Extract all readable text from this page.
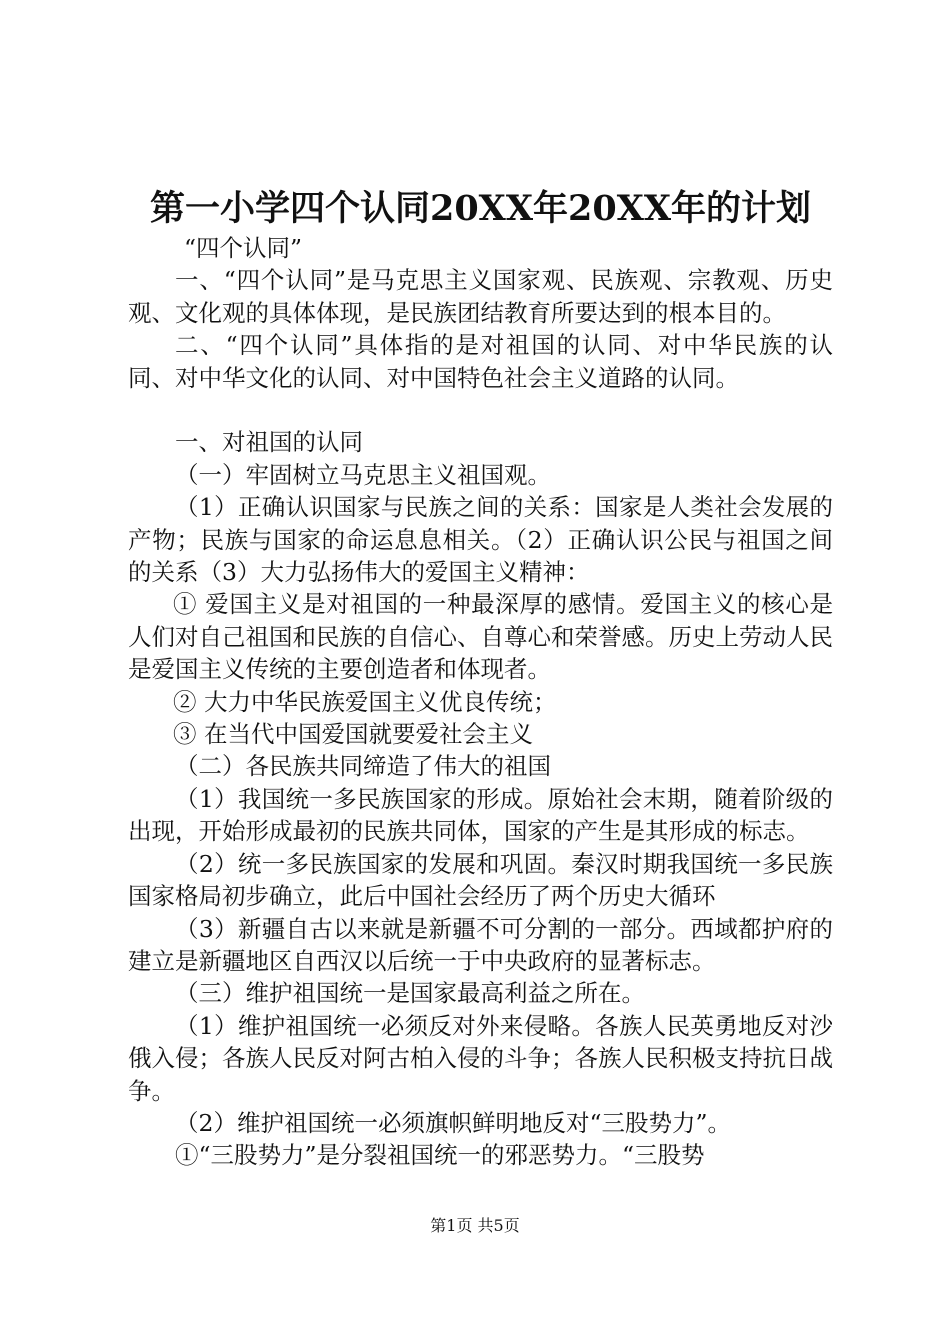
第一小学四个认同20XX年20XX年的计划

“四个认同”

一、“四个认同”是马克思主义国家观、民族观、宗教观、历史观、文化观的具体体现，是民族团结教育所要达到的根本目的。

二、“四个认同”具体指的是对祖国的认同、对中华民族的认同、对中华文化的认同、对中国特色社会主义道路的认同。

一、对祖国的认同

（一）牢固树立马克思主义祖国观。

（1）正确认识国家与民族之间的关系：国家是人类社会发展的产物；民族与国家的命运息息相关。（2）正确认识公民与祖国之间的关系（3）大力弘扬伟大的爱国主义精神：

① 爱国主义是对祖国的一种最深厚的感情。爱国主义的核心是人们对自己祖国和民族的自信心、自尊心和荣誉感。历史上劳动人民是爱国主义传统的主要创造者和体现者。

② 大力中华民族爱国主义优良传统；

③ 在当代中国爱国就要爱社会主义

（二）各民族共同缔造了伟大的祖国

（1）我国统一多民族国家的形成。原始社会末期，随着阶级的出现，开始形成最初的民族共同体，国家的产生是其形成的标志。

（2）统一多民族国家的发展和巩固。秦汉时期我国统一多民族国家格局初步确立，此后中国社会经历了两个历史大循环

（3）新疆自古以来就是新疆不可分割的一部分。西域都护府的建立是新疆地区自西汉以后统一于中央政府的显著标志。

（三）维护祖国统一是国家最高利益之所在。

（1）维护祖国统一必须反对外来侵略。各族人民英勇地反对沙俄入侵；各族人民反对阿古柏入侵的斗争；各族人民积极支持抗日战争。

（2）维护祖国统一必须旗帜鲜明地反对“三股势力”。

①“三股势力”是分裂祖国统一的邪恶势力。“三股势

第1页 共5页
